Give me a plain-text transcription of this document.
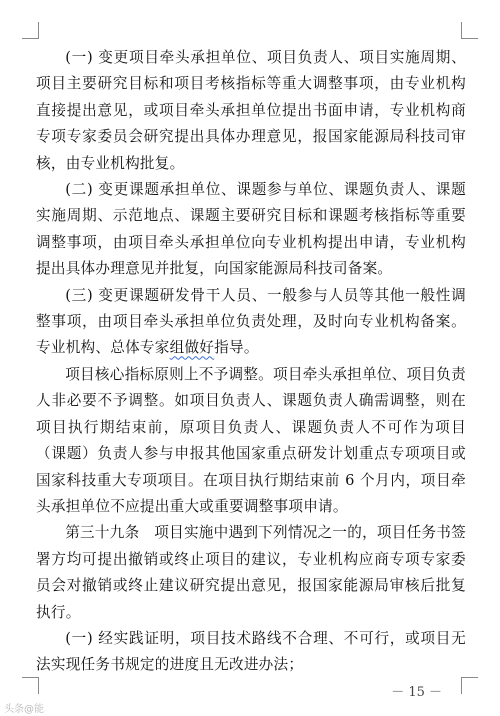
(一) 变更项目牵头承担单位、项目负责人、项目实施周期、项目主要研究目标和项目考核指标等重大调整事项，由专业机构直接提出意见，或项目牵头承担单位提出书面申请，专业机构商专项专家委员会研究提出具体办理意见，报国家能源局科技司审核，由专业机构批复。

(二) 变更课题承担单位、课题参与单位、课题负责人、课题实施周期、示范地点、课题主要研究目标和课题考核指标等重要调整事项，由项目牵头承担单位向专业机构提出申请，专业机构提出具体办理意见并批复，向国家能源局科技司备案。

(三) 变更课题研发骨干人员、一般参与人员等其他一般性调整事项，由项目牵头承担单位负责处理，及时向专业机构备案。专业机构、总体专家组做好指导。

项目核心指标原则上不予调整。项目牵头承担单位、项目负责人非必要不予调整。如项目负责人、课题负责人确需调整，则在项目执行期结束前，原项目负责人、课题负责人不可作为项目（课题）负责人参与申报其他国家重点研发计划重点专项项目或国家科技重大专项项目。在项目执行期结束前 6 个月内，项目牵头承担单位不应提出重大或重要调整事项申请。

第三十九条　项目实施中遇到下列情况之一的，项目任务书签署方均可提出撤销或终止项目的建议，专业机构应商专项专家委员会对撤销或终止建议研究提出意见，报国家能源局审核后批复执行。

(一) 经实践证明，项目技术路线不合理、不可行，或项目无法实现任务书规定的进度且无改进办法；

－ 15 －
头条@能
